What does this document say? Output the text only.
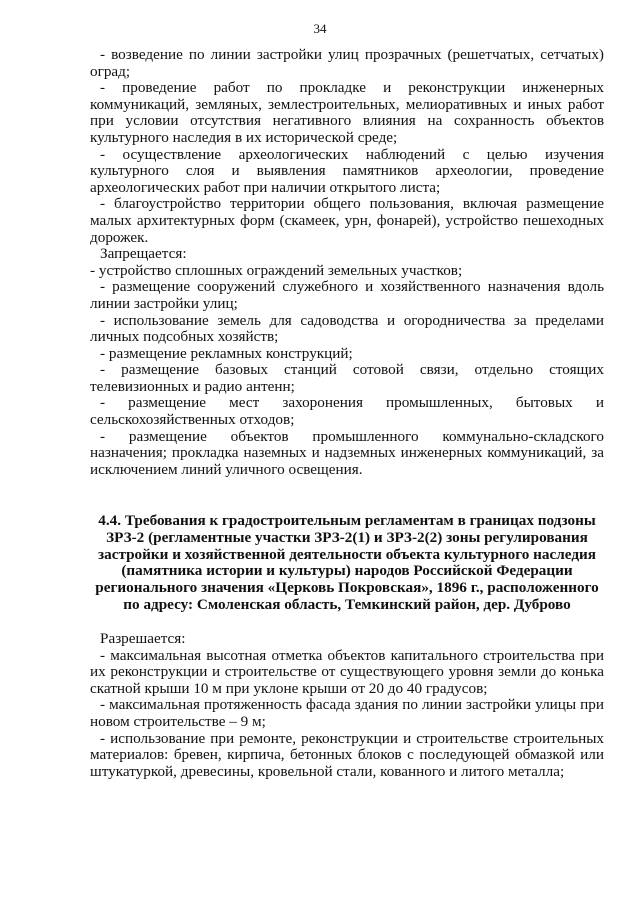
34

- возведение по линии застройки улиц прозрачных (решетчатых, сетчатых) оград;

- проведение работ по прокладке и реконструкции инженерных коммуникаций, земляных, землестроительных, мелиоративных и иных работ при условии отсутствия негативного влияния на сохранность объектов культурного наследия в их исторической среде;

- осуществление археологических наблюдений с целью изучения культурного слоя и выявления памятников археологии, проведение археологических работ при наличии открытого листа;

- благоустройство территории общего пользования, включая размещение малых архитектурных форм (скамеек, урн, фонарей), устройство пешеходных дорожек.

Запрещается:

- устройство сплошных ограждений земельных участков;

- размещение сооружений служебного и хозяйственного назначения вдоль линии застройки улиц;

- использование земель для садоводства и огородничества за пределами личных подсобных хозяйств;

- размещение рекламных конструкций;

- размещение базовых станций сотовой связи, отдельно стоящих телевизионных и радио антенн;

- размещение мест захоронения промышленных, бытовых и сельскохозяйственных отходов;

- размещение объектов промышленного коммунально-складского назначения; прокладка наземных и надземных инженерных коммуникаций, за исключением линий уличного освещения.

4.4. Требования к градостроительным регламентам в границах подзоны ЗРЗ-2 (регламентные участки ЗРЗ-2(1) и ЗРЗ-2(2) зоны регулирования застройки и хозяйственной деятельности объекта культурного наследия (памятника истории и культуры) народов Российской Федерации регионального значения «Церковь Покровская», 1896 г., расположенного по адресу: Смоленская область, Темкинский район, дер. Дуброво

Разрешается:

- максимальная высотная отметка объектов капитального строительства при их реконструкции и строительстве от существующего уровня земли до конька скатной крыши 10 м при уклоне крыши от 20 до 40 градусов;

- максимальная протяженность фасада здания по линии застройки улицы при новом строительстве – 9 м;

- использование при ремонте, реконструкции и строительстве строительных материалов: бревен, кирпича, бетонных блоков с последующей обмазкой или штукатуркой, древесины, кровельной стали, кованного и литого металла;
